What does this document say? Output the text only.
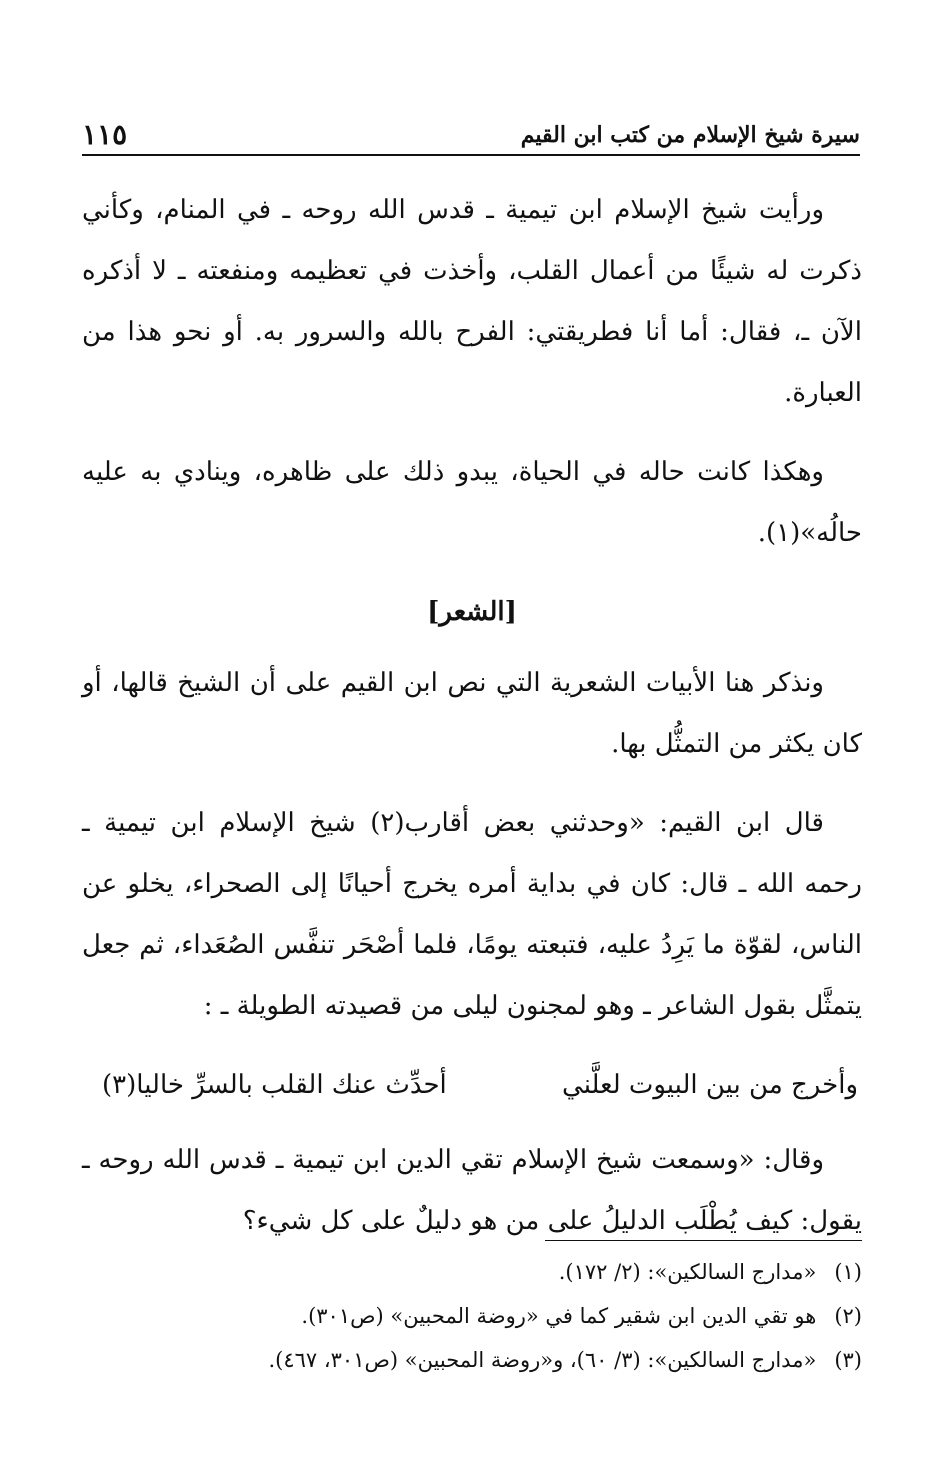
سيرة شيخ الإسلام من كتب ابن القيم
١١٥

ورأيت شيخ الإسلام ابن تيمية ـ قدس الله روحه ـ في المنام، وكأني ذكرت له شيئًا من أعمال القلب، وأخذت في تعظيمه ومنفعته ـ لا أذكره الآن ـ، فقال: أما أنا فطريقتي: الفرح بالله والسرور به. أو نحو هذا من العبارة.

وهكذا كانت حاله في الحياة، يبدو ذلك على ظاهره، وينادي به عليه حالُه»(١).

[الشعر]

ونذكر هنا الأبيات الشعرية التي نص ابن القيم على أن الشيخ قالها، أو كان يكثر من التمثُّل بها.

قال ابن القيم: «وحدثني بعض أقارب(٢) شيخ الإسلام ابن تيمية ـ رحمه الله ـ قال: كان في بداية أمره يخرج أحيانًا إلى الصحراء، يخلو عن الناس، لقوّة ما يَرِدُ عليه، فتبعته يومًا، فلما أصْحَر تنفَّس الصُعَداء، ثم جعل يتمثَّل بقول الشاعر ـ وهو لمجنون ليلى من قصيدته الطويلة ـ :

وأخرج من بين البيوت لعلَّني
أحدِّث عنك القلب بالسرِّ خاليا(٣)

وقال: «وسمعت شيخ الإسلام تقي الدين ابن تيمية ـ قدس الله روحه ـ يقول: كيف يُطْلَب الدليلُ على من هو دليلٌ على كل شيء؟

(١)
«مدارج السالكين»: (٢/ ١٧٢).
(٢)
هو تقي الدين ابن شقير كما في «روضة المحبين» (ص٣٠١).
(٣)
«مدارج السالكين»: (٣/ ٦٠)، و«روضة المحبين» (ص٣٠١، ٤٦٧).
